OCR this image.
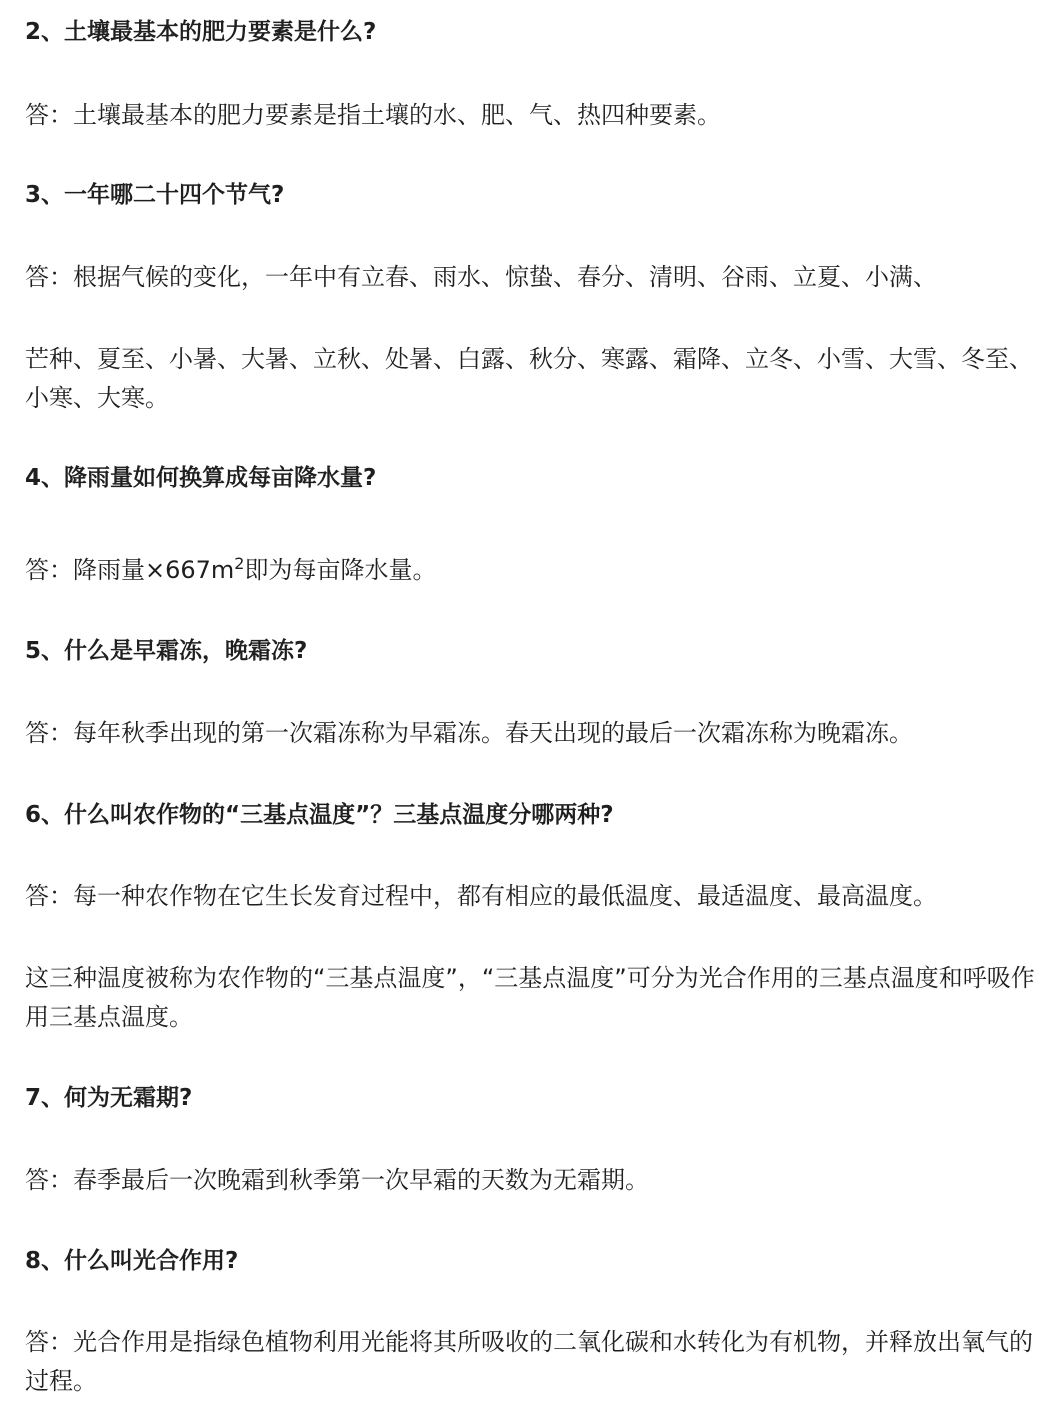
2、土壤最基本的肥力要素是什么?
答：土壤最基本的肥力要素是指土壤的水、肥、气、热四种要素。
3、一年哪二十四个节气?
答：根据气候的变化，一年中有立春、雨水、惊蛰、春分、清明、谷雨、立夏、小满、
芒种、夏至、小暑、大暑、立秋、处暑、白露、秋分、寒露、霜降、立冬、小雪、大雪、冬至、小寒、大寒。
4、降雨量如何换算成每亩降水量?
答：降雨量$\times 667m^2$即为每亩降水量。
5、什么是早霜冻，晚霜冻?
答：每年秋季出现的第一次霜冻称为早霜冻。春天出现的最后一次霜冻称为晚霜冻。
6、什么叫农作物的“三基点温度”？三基点温度分哪两种?
答：每一种农作物在它生长发育过程中，都有相应的最低温度、最适温度、最高温度。
这三种温度被称为农作物的“三基点温度”，“三基点温度”可分为光合作用的三基点温度和呼吸作用三基点温度。
7、何为无霜期?
答：春季最后一次晚霜到秋季第一次早霜的天数为无霜期。
8、什么叫光合作用?
答：光合作用是指绿色植物利用光能将其所吸收的二氧化碳和水转化为有机物，并释放出氧气的过程。
